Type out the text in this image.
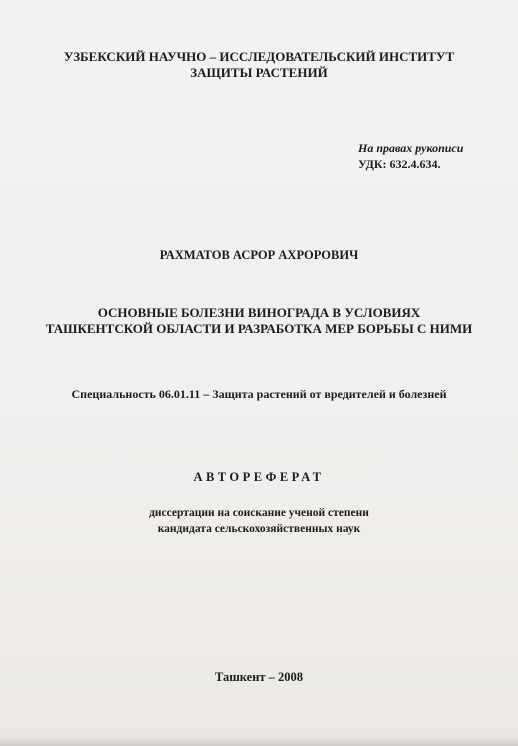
УЗБЕКСКИЙ НАУЧНО – ИССЛЕДОВАТЕЛЬСКИЙ ИНСТИТУТ
ЗАЩИТЫ РАСТЕНИЙ
На правах рукописи
УДК: 632.4.634.
РАХМАТОВ АСРОР АХРОРОВИЧ
ОСНОВНЫЕ БОЛЕЗНИ ВИНОГРАДА В УСЛОВИЯХ
ТАШКЕНТСКОЙ ОБЛАСТИ И РАЗРАБОТКА МЕР БОРЬБЫ С НИМИ
Специальность 06.01.11 – Защита растений от вредителей и болезней
АВТОРЕФЕРАТ
диссертации на соискание ученой степени
кандидата сельскохозяйственных наук
Ташкент – 2008
